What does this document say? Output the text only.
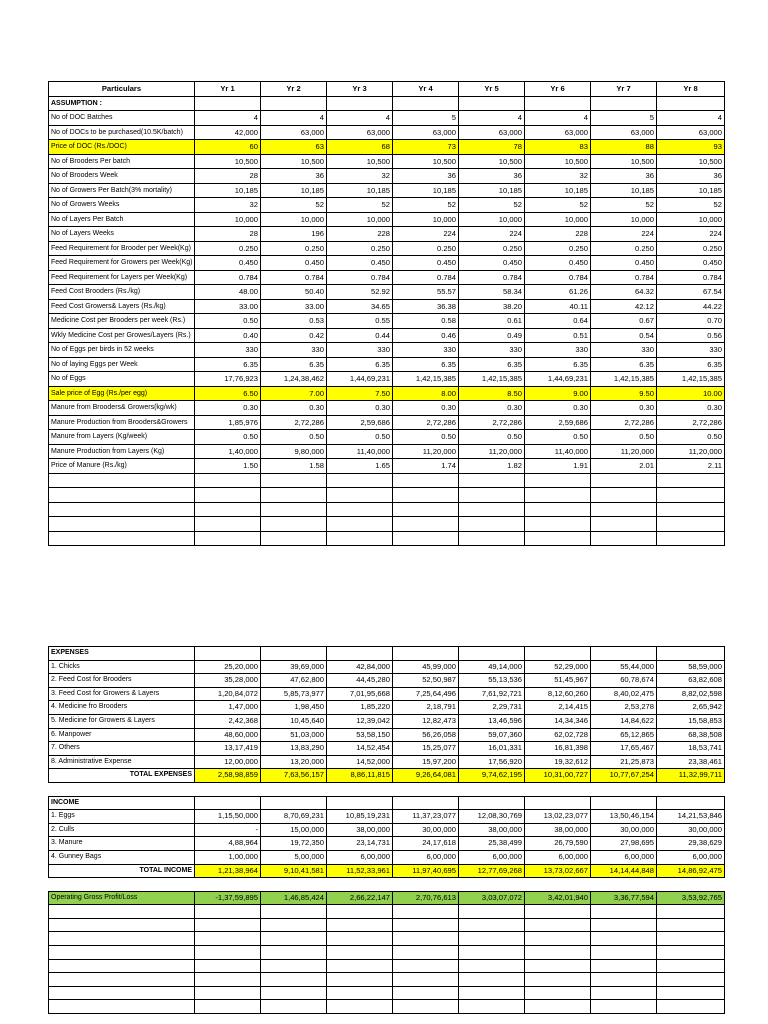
Particulars	Yr 1	Yr 2	Yr 3	Yr 4	Yr 5	Yr 6	Yr 7	Yr 8
ASSUMPTION :								
No of DOC Batches	4	4	4	5	4	4	5	4
No of DOCs to be purchased(10.5K/batch)	42,000	63,000	63,000	63,000	63,000	63,000	63,000	63,000
Price of DOC (Rs./DOC)	60	63	68	73	78	83	88	93
No of Brooders Per batch	10,500	10,500	10,500	10,500	10,500	10,500	10,500	10,500
No of Brooders Week	28	36	32	36	36	32	36	36
No of Growers Per Batch(3% mortality)	10,185	10,185	10,185	10,185	10,185	10,185	10,185	10,185
No of Growers Weeks	32	52	52	52	52	52	52	52
No of Layers Per Batch	10,000	10,000	10,000	10,000	10,000	10,000	10,000	10,000
No of Layers Weeks	28	196	228	224	224	228	224	224
Feed Requirement for Brooder per Week(Kg)	0.250	0.250	0.250	0.250	0.250	0.250	0.250	0.250
Feed Requirement for Growers per Week(Kg)	0.450	0.450	0.450	0.450	0.450	0.450	0.450	0.450
Feed Requirement for Layers per Week(Kg)	0.784	0.784	0.784	0.784	0.784	0.784	0.784	0.784
Feed Cost Brooders (Rs./kg)	48.00	50.40	52.92	55.57	58.34	61.26	64.32	67.54
Feed Cost Growers& Layers (Rs./kg)	33.00	33.00	34.65	36.38	38.20	40.11	42.12	44.22
Medicine Cost per Brooders per week (Rs.)	0.50	0.53	0.55	0.58	0.61	0.64	0.67	0.70
Wkly Medicine Cost per Growes/Layers (Rs.)	0.40	0.42	0.44	0.46	0.49	0.51	0.54	0.56
No of Eggs per birds in 52 weeks	330	330	330	330	330	330	330	330
No of laying Eggs per Week	6.35	6.35	6.35	6.35	6.35	6.35	6.35	6.35
No of Eggs	17,76,923	1,24,38,462	1,44,69,231	1,42,15,385	1,42,15,385	1,44,69,231	1,42,15,385	1,42,15,385
Sale price of Egg (Rs./per egg)	6.50	7.00	7.50	8.00	8.50	9.00	9.50	10.00
Manure from Brooders& Growers(kg/wk)	0.30	0.30	0.30	0.30	0.30	0.30	0.30	0.30
Manure Production from Brooders&Growers	1,85,976	2,72,286	2,59,686	2,72,286	2,72,286	2,59,686	2,72,286	2,72,286
Manure from Layers (Kg/week)	0.50	0.50	0.50	0.50	0.50	0.50	0.50	0.50
Manure Production from Layers (Kg)	1,40,000	9,80,000	11,40,000	11,20,000	11,20,000	11,40,000	11,20,000	11,20,000
Price of Manure (Rs./kg)	1.50	1.58	1.65	1.74	1.82	1.91	2.01	2.11

EXPENSES								
1. Chicks	25,20,000	39,69,000	42,84,000	45,99,000	49,14,000	52,29,000	55,44,000	58,59,000
2. Feed Cost for Brooders	35,28,000	47,62,800	44,45,280	52,50,987	55,13,536	51,45,967	60,78,674	63,82,608
3. Feed Cost for Growers & Layers	1,20,84,072	5,85,73,977	7,01,95,668	7,25,64,496	7,61,92,721	8,12,60,260	8,40,02,475	8,82,02,598
4. Medicine fro Brooders	1,47,000	1,98,450	1,85,220	2,18,791	2,29,731	2,14,415	2,53,278	2,65,942
5. Medicine for Growers & Layers	2,42,368	10,45,640	12,39,042	12,82,473	13,46,596	14,34,346	14,84,622	15,58,853
6. Manpower	48,60,000	51,03,000	53,58,150	56,26,058	59,07,360	62,02,728	65,12,865	68,38,508
7. Others	13,17,419	13,83,290	14,52,454	15,25,077	16,01,331	16,81,398	17,65,467	18,53,741
8. Administrative Expense	12,00,000	13,20,000	14,52,000	15,97,200	17,56,920	19,32,612	21,25,873	23,38,461
TOTAL EXPENSES	2,58,98,859	7,63,56,157	8,86,11,815	9,26,64,081	9,74,62,195	10,31,00,727	10,77,67,254	11,32,99,711

INCOME								
1. Eggs	1,15,50,000	8,70,69,231	10,85,19,231	11,37,23,077	12,08,30,769	13,02,23,077	13,50,46,154	14,21,53,846
2. Culls	-	15,00,000	38,00,000	30,00,000	38,00,000	38,00,000	30,00,000	30,00,000
3. Manure	4,88,964	19,72,350	23,14,731	24,17,618	25,38,499	26,79,590	27,98,695	29,38,629
4. Gunney Bags	1,00,000	5,00,000	6,00,000	6,00,000	6,00,000	6,00,000	6,00,000	6,00,000
TOTAL INCOME	1,21,38,964	9,10,41,581	11,52,33,961	11,97,40,695	12,77,69,268	13,73,02,667	14,14,44,848	14,86,92,475

Operating Gross Profit/Loss	-1,37,59,895	1,46,85,424	2,66,22,147	2,70,76,613	3,03,07,072	3,42,01,940	3,36,77,594	3,53,92,765
